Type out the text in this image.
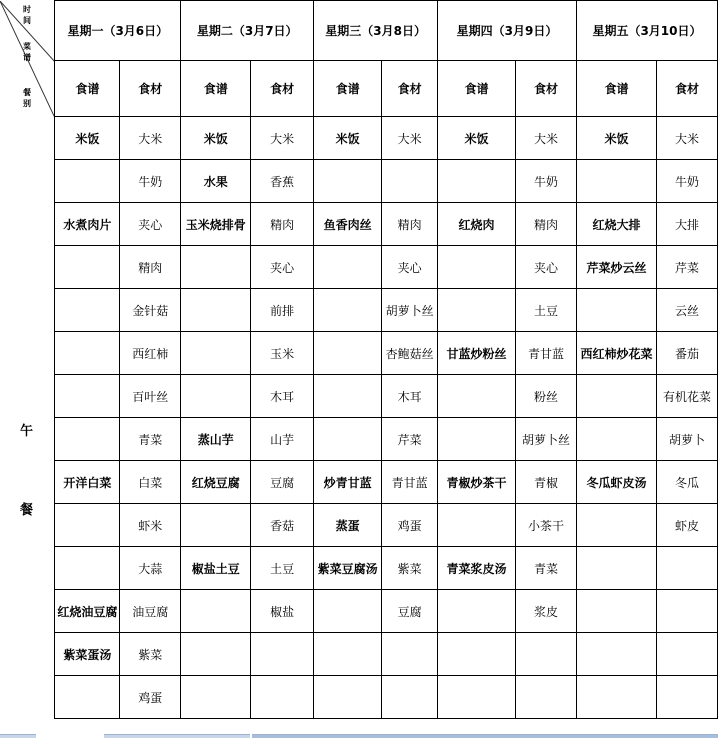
时
间
菜
谱
餐
别
	星期一（3月6日）	星期二（3月7日）	星期三（3月8日）	星期四（3月9日）	星期五（3月10日）
	食谱	食材	食谱	食材	食谱	食材	食谱	食材	食谱	食材
	米饭	大米	米饭	大米	米饭	大米	米饭	大米	米饭	大米
		牛奶	水果	香蕉				牛奶		牛奶
	水煮肉片	夹心	玉米烧排骨	精肉	鱼香肉丝	精肉	红烧肉	精肉	红烧大排	大排
		精肉		夹心		夹心		夹心	芹菜炒云丝	芹菜
		金针菇		前排		胡萝卜丝		土豆		云丝
		西红柿		玉米		杏鲍菇丝	甘蓝炒粉丝	青甘蓝	西红柿炒花菜	番茄
		百叶丝		木耳		木耳		粉丝		有机花菜
		青菜	蒸山芋	山芋		芹菜		胡萝卜丝		胡萝卜
	开洋白菜	白菜	红烧豆腐	豆腐	炒青甘蓝	青甘蓝	青椒炒茶干	青椒	冬瓜虾皮汤	冬瓜
		虾米		香菇	蒸蛋	鸡蛋		小茶干		虾皮
		大蒜	椒盐土豆	土豆	紫菜豆腐汤	紫菜	青菜浆皮汤	青菜		
	红烧油豆腐	油豆腐		椒盐		豆腐		浆皮		
	紫菜蛋汤	紫菜								
		鸡蛋								
午
餐
